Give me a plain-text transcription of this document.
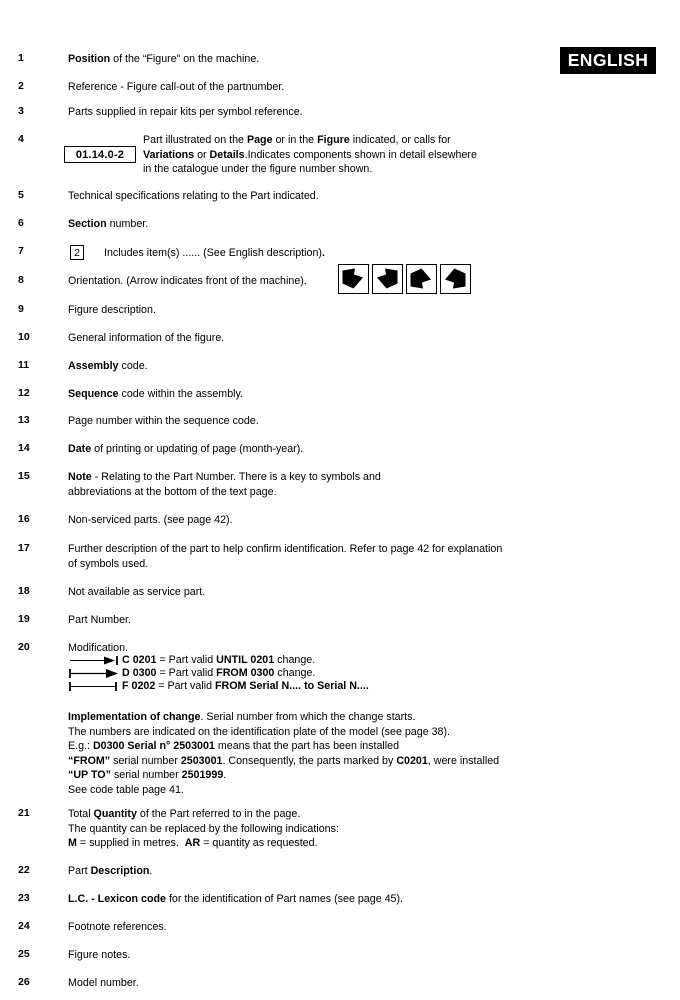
ENGLISH
1	Position of the “Figure” on the machine.
2	Reference - Figure call-out of the partnumber.
3	Parts supplied in repair kits per symbol reference.
4
01.14.0-2
Part illustrated on the Page or in the Figure indicated, or calls for
Variations or Details.Indicates components shown in detail elsewhere
in the catalogue under the figure number shown.
5	Technical specifications relating to the Part indicated.
6	Section number.
7	2	Includes item(s) ...... (See English description).
8	Orientation. (Arrow indicates front of the machine).
9	Figure description.
10	General information of the figure.
11	Assembly code.
12	Sequence code within the assembly.
13	Page number within the sequence code.
14	Date of printing or updating of page (month-year).
15	Note - Relating to the Part Number. There is a key to symbols and
abbreviations at the bottom of the text page.
16	Non-serviced parts. (see page 42).
17	Further description of the part to help confirm identification. Refer to page 42 for explanation
of symbols used.
18	Not available as service part.
19	Part Number.
20	Modification.
C 0201 = Part valid UNTIL 0201 change.
D 0300 = Part valid FROM 0300 change.
F 0202 = Part valid FROM Serial N.... to Serial N....
Implementation of change. Serial number from which the change starts.
The numbers are indicated on the identification plate of the model (see page 38).
E.g.: D0300 Serial n° 2503001 means that the part has been installed
“FROM” serial number 2503001. Consequently, the parts marked by C0201, were installed
“UP TO” serial number 2501999.
See code table page 41.
21	Total Quantity of the Part referred to in the page.
The quantity can be replaced by the following indications:
M = supplied in metres.  AR = quantity as requested.
22	Part Description.
23	L.C. - Lexicon code for the identification of Part names (see page 45).
24	Footnote references.
25	Figure notes.
26	Model number.
